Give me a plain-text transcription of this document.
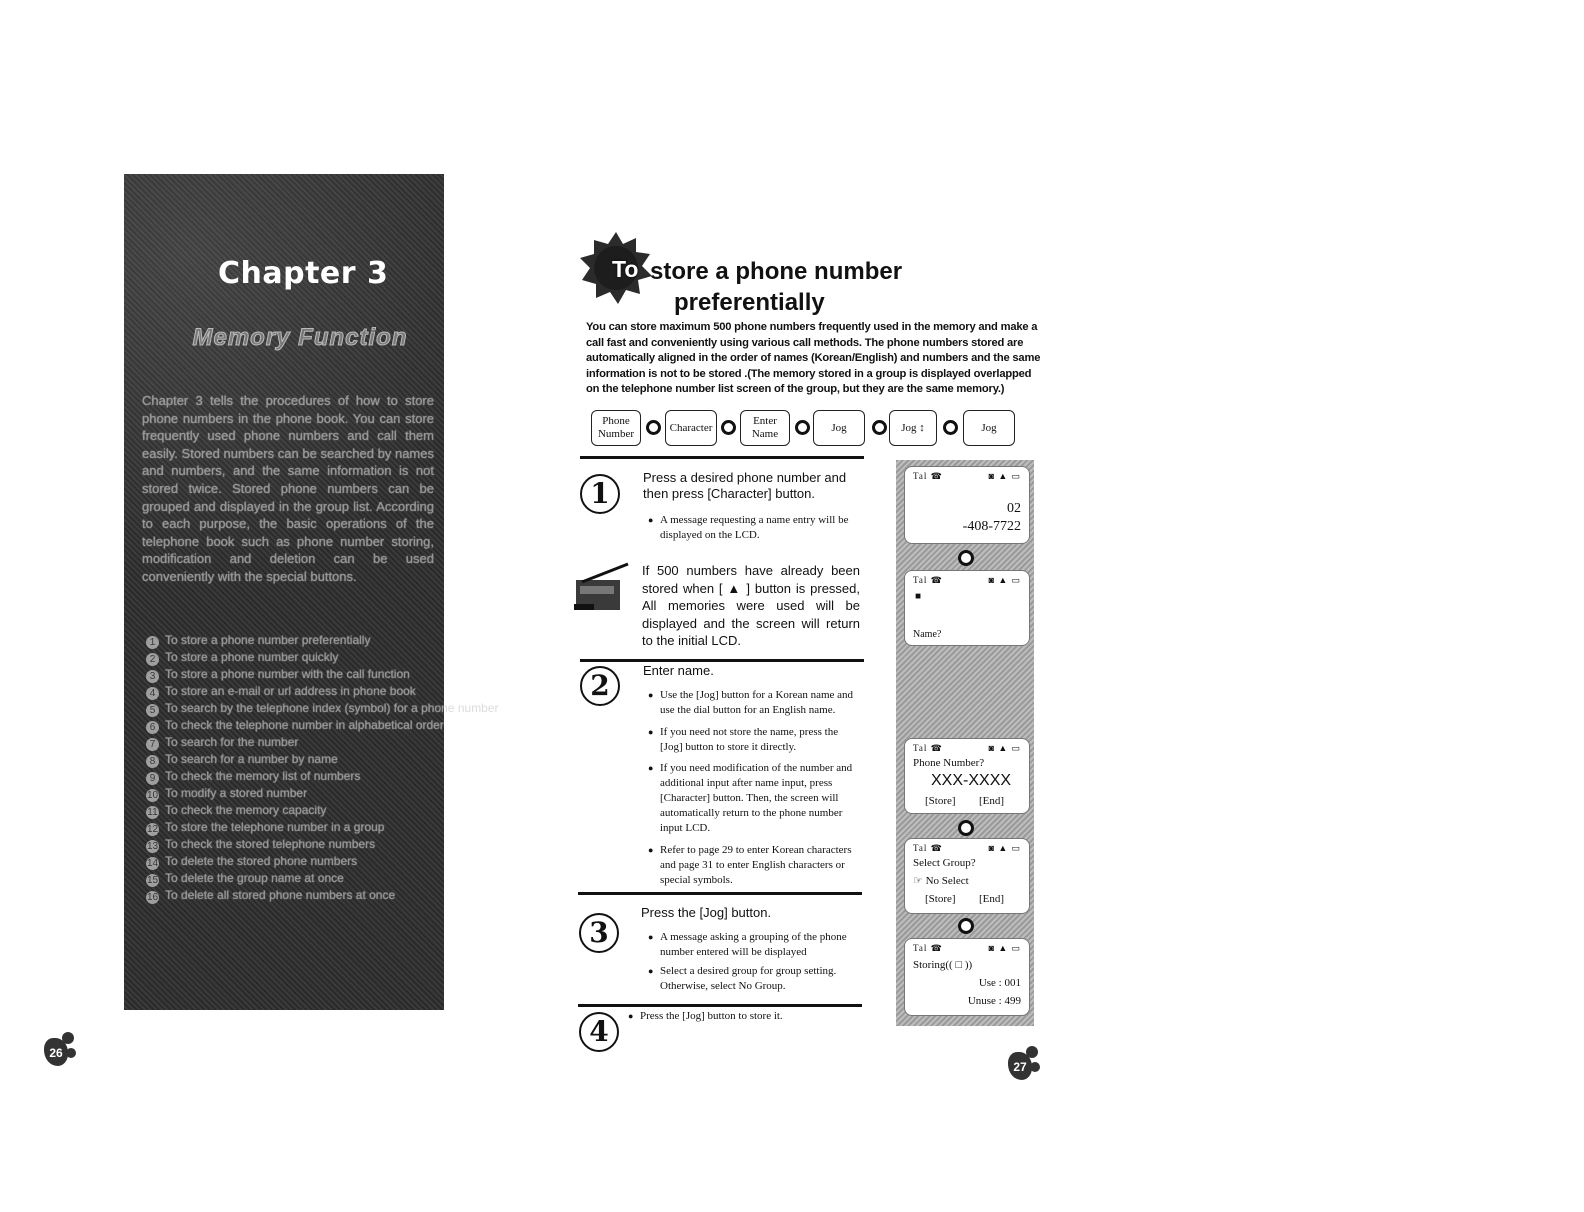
Chapter 3
Memory Function
Chapter 3 tells the procedures of how to store phone numbers in the phone book. You can store frequently used phone numbers and call them easily. Stored numbers can be searched by names and numbers, and the same information is not stored twice. Stored phone numbers can be grouped and displayed in the group list. According to each purpose, the basic operations of the telephone book such as phone number storing, modification and deletion can be used conveniently with the special buttons.
1 To store a phone number preferentially
2 To store a phone number quickly
3 To store a phone number with the call function
4 To store an e-mail or url address in phone book
5 To search by the telephone index (symbol) for a phone number
6 To check the telephone number in alphabetical order
7 To search for the number
8 To search for a number by name
9 To check the memory list of numbers
10 To modify a stored number
11 To check the memory capacity
12 To store the telephone number in a group
13 To check the stored telephone numbers
14 To delete the stored phone numbers
15 To delete the group name at once
16 To delete all stored phone numbers at once
26
To store a phone number
preferentially
You can store maximum 500 phone numbers frequently used in the memory and make a call fast and conveniently using various call methods. The phone numbers stored are automatically aligned in the order of names (Korean/English) and numbers and the same information is not to be stored .(The memory stored in a group is displayed overlapped on the telephone number list screen of the group, but they are the same memory.)
Phone Number
Character
Enter Name
Jog	Jog ↕	Jog
1	Press a desired phone number and then press [Character] button.
● A message requesting a name entry will be displayed on the LCD.
If 500 numbers have already been stored when [ ▲ ] button is pressed, All memories were used will be displayed and the screen will return to the initial LCD.
2	Enter name.
● Use the [Jog] button for a Korean name and use the dial button for an English name.
● If you need not store the name, press the [Jog] button to store it directly.
● If you need modification of the number and additional input after name input, press [Character] button. Then, the screen will automatically return to the phone number input LCD.
● Refer to page 29 to enter Korean characters and page 31 to enter English characters or special symbols.
3
Press the [Jog] button.
● A message asking a grouping of the phone number entered will be displayed
● Select a desired group for group setting. Otherwise, select No Group.
4
●	Press the [Jog] button to store it.
Tal ☎	◙ ▲ ▭
02
-408-7722
Tal ☎	◙ ▲ ▭
■
Name?
Tal ☎	◙ ▲ ▭
Phone Number?
XXX-XXXX
[Store] [End]
Tal ☎	◙ ▲ ▭
Select Group?
☞ No Select
[Store] [End]
Tal ☎	◙ ▲ ▭
Storing(( □ ))
Use : 001
Unuse : 499
27
